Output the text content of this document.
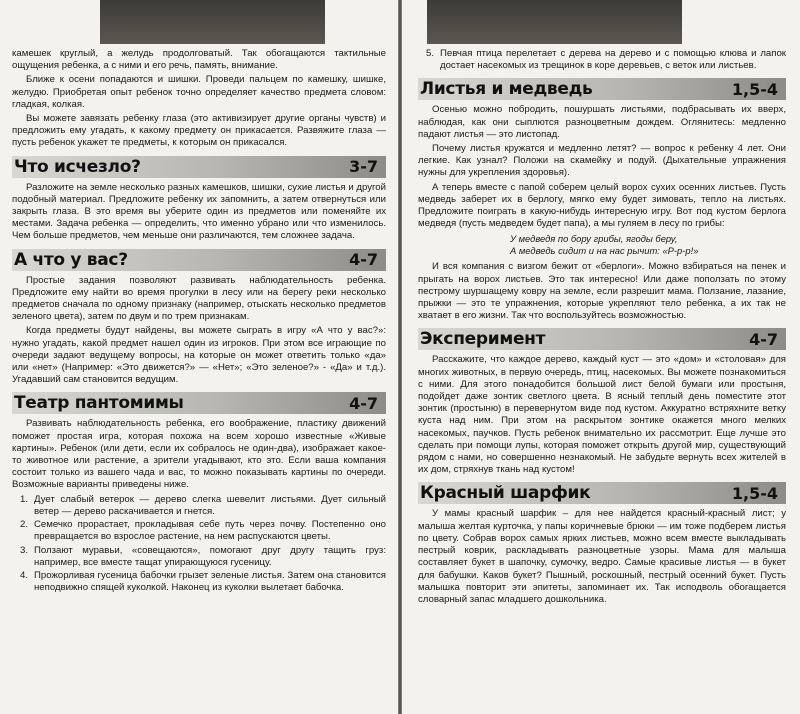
камешек круглый, а желудь продолговатый. Так обогащаются тактильные ощущения ребенка, а с ними и его речь, память, внимание.

Ближе к осени попадаются и шишки. Проведи пальцем по камешку, шишке, желудю. Приобретая опыт ребенок точно определяет качество предмета словом: гладкая, колкая.

Вы можете завязать ребенку глаза (это активизирует другие органы чувств) и предложить ему угадать, к какому предмету он прикасается. Развяжите глаза — пусть ребенок укажет те предметы, к которым он прикасался.

Что исчезло?	3-7

Разложите на земле несколько разных камешков, шишки, сухие листья и другой подобный материал. Предложите ребенку их запомнить, а затем отвернуться или закрыть глаза. В это время вы уберите один из предметов или поменяйте их местами. Задача ребенка — определить, что именно убрано или что изменилось. Чем больше предметов, чем меньше они различаются, тем сложнее задача.

А что у вас?	4-7

Простые задания позволяют развивать наблюдательность ребенка. Предложите ему найти во время прогулки в лесу или на берегу реки несколько предметов сначала по одному признаку (например, отыскать несколько предметов зеленого цвета), затем по двум и по трем признакам.

Когда предметы будут найдены, вы можете сыграть в игру «А что у вас?»: нужно угадать, какой предмет нашел один из игроков. При этом все играющие по очереди задают ведущему вопросы, на которые он может ответить только «да» или «нет» (Например: «Это движется?» — «Нет»; «Это зеленое?» - «Да» и т.д.). Угадавший сам становится ведущим.

Театр пантомимы	4-7

Развивать наблюдательность ребенка, его воображение, пластику движений поможет простая игра, которая похожа на всем хорошо известные «Живые картины». Ребенок (или дети, если их собралось не один-два), изображает какое-то животное или растение, а зрители угадывают, кто это. Если ваша компания состоит только из вашего чада и вас, то можно показывать картины по очереди. Возможные варианты приведены ниже.

1. Дует слабый ветерок — дерево слегка шевелит листьями. Дует сильный ветер — дерево раскачивается и гнется.
2. Семечко прорастает, прокладывая себе путь через почву. Постепенно оно превращается во взрослое растение, на нем распускаются цветы.
3. Ползают муравьи, «совещаются», помогают друг другу тащить груз: например, все вместе тащат упирающуюся гусеницу.
4. Прожорливая гусеница бабочки грызет зеленые листья. Затем она становится неподвижно спящей куколкой. Наконец из куколки вылетает бабочка.
5. Певчая птица перелетает с дерева на дерево и с помощью клюва и лапок достает насекомых из трещинок в коре деревьев, с веток или листьев.
Листья и медведь	1,5-4

Осенью можно побродить, пошуршать листьями, подбрасывать их вверх, наблюдая, как они сыплются разноцветным дождем. Оглянитесь: медленно падают листья — это листопад.

Почему листья кружатся и медленно летят? — вопрос к ребенку 4 лет. Они легкие. Как узнал? Положи на скамейку и подуй. (Дыхательные упражнения нужны для укрепления здоровья).

А теперь вместе с папой соберем целый ворох сухих осенних листьев. Пусть медведь заберет их в берлогу, мягко ему будет зимовать, тепло на листьях. Предложите поиграть в какую-нибудь интересную игру. Вот под кустом берлога медведя (пусть медведем будет папа), а мы гуляем в лесу по грибы:

У медведя по бору грибы, ягоды беру,
А медведь сидит и на нас рычит: «Р-р-р!»

И вся компания с визгом бежит от «берлоги». Можно взбираться на пенек и прыгать на ворох листьев. Это так интересно! Или даже поползать по этому пестрому шуршащему ковру на земле, если разрешит мама. Ползание, лазание, прыжки — это те упражнения, которые укрепляют тело ребенка, а их так не хватает в его жизни. Так что воспользуйтесь возможностью.

Эксперимент	4-7

Расскажите, что каждое дерево, каждый куст — это «дом» и «столовая» для многих животных, в первую очередь, птиц, насекомых. Вы можете познакомиться с ними. Для этого понадобится большой лист белой бумаги или простыня, подойдет даже зонтик светлого цвета. В ясный теплый день поместите этот зонтик (простыню) в перевернутом виде под кустом. Аккуратно встряхните ветку куста над ним. При этом на раскрытом зонтике окажется много мелких насекомых, паучков. Пусть ребенок внимательно их рассмотрит. Еще лучше это сделать при помощи лупы, которая поможет открыть другой мир, существующий рядом с нами, но совершенно незнакомый. Не забудьте вернуть всех жителей в их дом, стряхнув ткань над кустом!

Красный шарфик	1,5-4

У мамы красный шарфик – для нее найдется красный-красный лист; у малыша желтая курточка, у папы коричневые брюки — им тоже подберем листья по цвету. Собрав ворох самых ярких листьев, можно всем вместе выкладывать пестрый коврик, раскладывать разноцветные узоры. Мама для малыша составляет букет в шапочку, сумочку, ведро. Самые красивые листья — в букет для бабушки. Каков букет? Пышный, роскошный, пестрый осенний букет. Пусть малышка повторит эти эпитеты, запоминает их. Так исподволь обогащается словарный запас младшего дошкольника.
